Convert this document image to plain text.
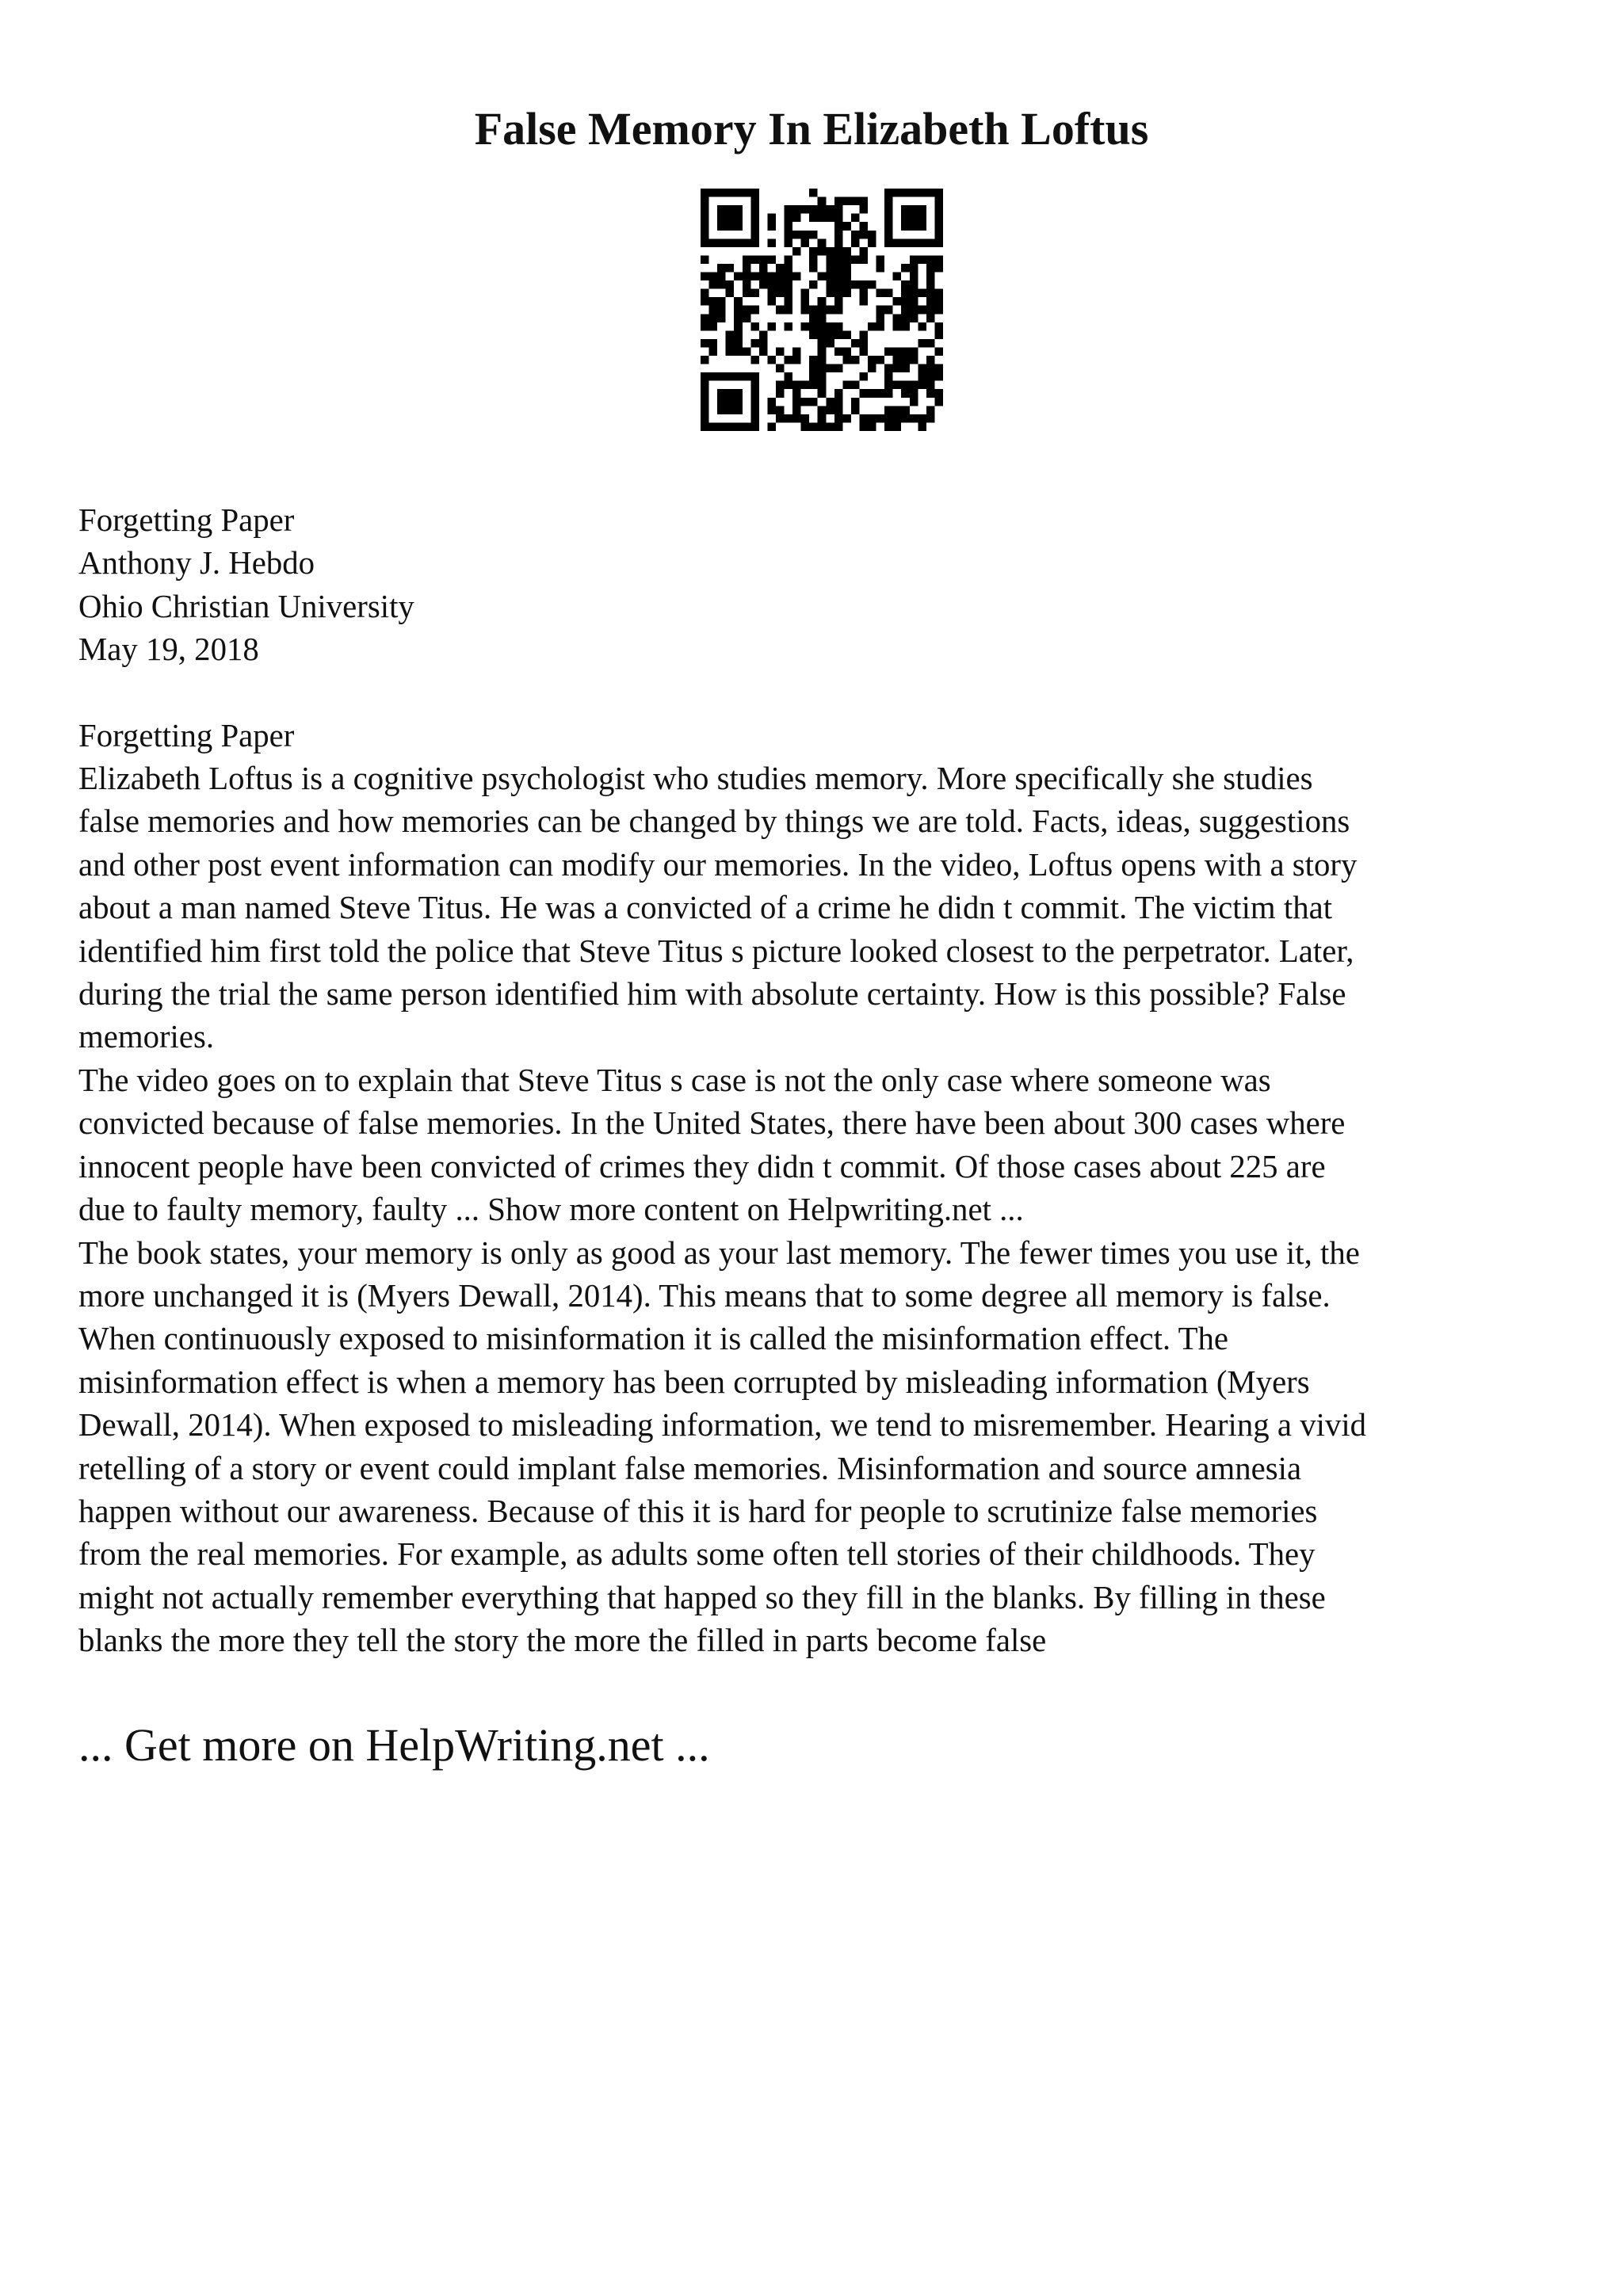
False Memory In Elizabeth Loftus
Forgetting Paper
Anthony J. Hebdo
Ohio Christian University
May 19, 2018
Forgetting Paper
Elizabeth Loftus is a cognitive psychologist who studies memory. More specifically she studies
false memories and how memories can be changed by things we are told. Facts, ideas, suggestions
and other post event information can modify our memories. In the video, Loftus opens with a story
about a man named Steve Titus. He was a convicted of a crime he didn t commit. The victim that
identified him first told the police that Steve Titus s picture looked closest to the perpetrator. Later,
during the trial the same person identified him with absolute certainty. How is this possible? False
memories.
The video goes on to explain that Steve Titus s case is not the only case where someone was
convicted because of false memories. In the United States, there have been about 300 cases where
innocent people have been convicted of crimes they didn t commit. Of those cases about 225 are
due to faulty memory, faulty ... Show more content on Helpwriting.net ...
The book states, your memory is only as good as your last memory. The fewer times you use it, the
more unchanged it is (Myers Dewall, 2014). This means that to some degree all memory is false.
When continuously exposed to misinformation it is called the misinformation effect. The
misinformation effect is when a memory has been corrupted by misleading information (Myers
Dewall, 2014). When exposed to misleading information, we tend to misremember. Hearing a vivid
retelling of a story or event could implant false memories. Misinformation and source amnesia
happen without our awareness. Because of this it is hard for people to scrutinize false memories
from the real memories. For example, as adults some often tell stories of their childhoods. They
might not actually remember everything that happed so they fill in the blanks. By filling in these
blanks the more they tell the story the more the filled in parts become false

... Get more on HelpWriting.net ...
